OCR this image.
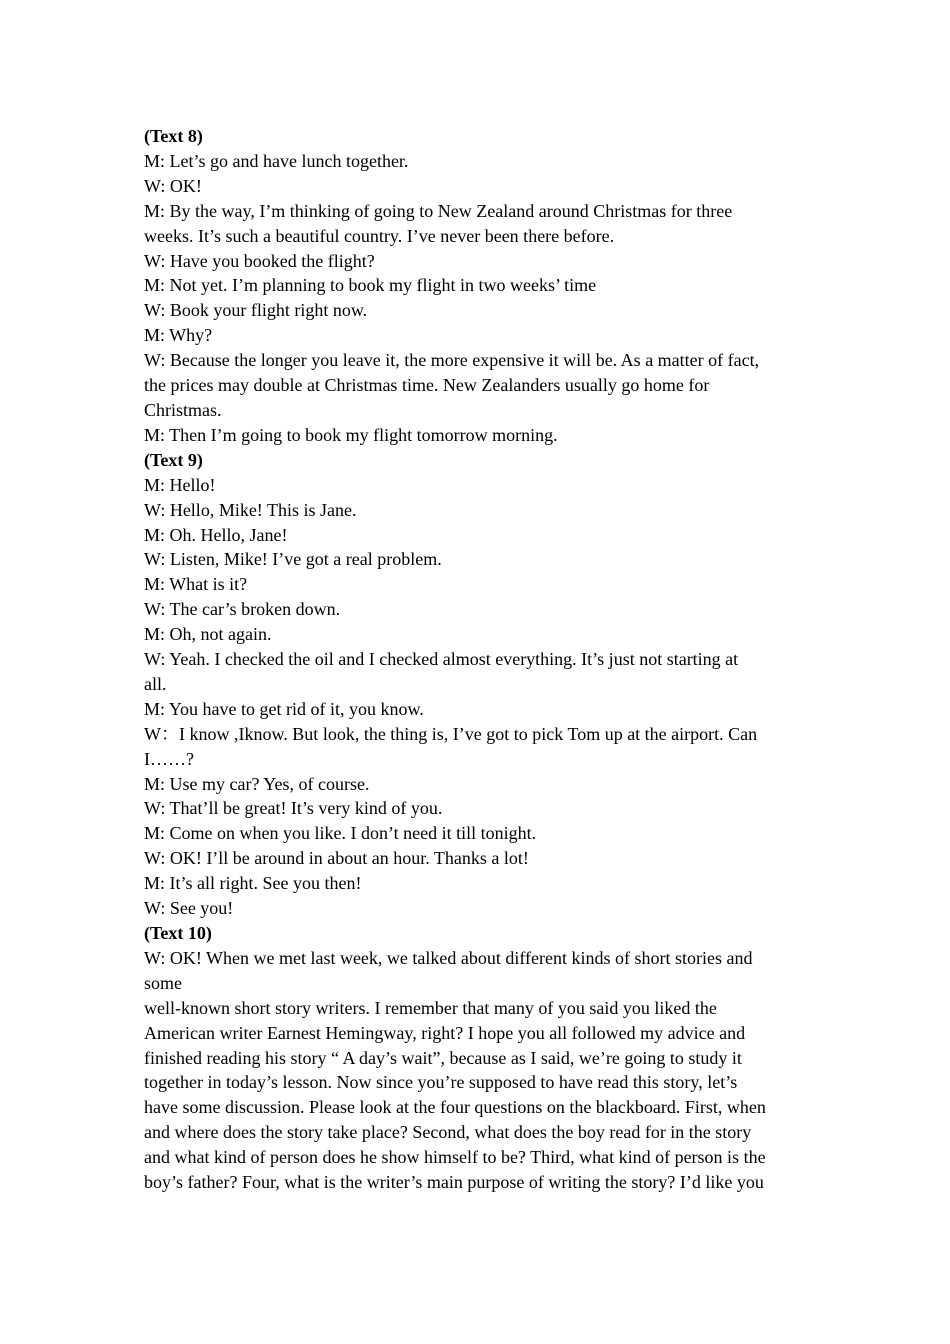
(Text 8)
M: Let’s go and have lunch together.
W: OK!
M: By the way, I’m thinking of going to New Zealand around Christmas for three
weeks. It’s such a beautiful country. I’ve never been there before.
W: Have you booked the flight?
M: Not yet. I’m planning to book my flight in two weeks’ time
W: Book your flight right now.
M: Why?
W: Because the longer you leave it, the more expensive it will be. As a matter of fact,
the prices may double at Christmas time. New Zealanders usually go home for
Christmas.
M: Then I’m going to book my flight tomorrow morning.
(Text 9)
M: Hello!
W: Hello, Mike! This is Jane.
M: Oh. Hello, Jane!
W: Listen, Mike! I’ve got a real problem.
M: What is it?
W: The car’s broken down.
M: Oh, not again.
W: Yeah. I checked the oil and I checked almost everything. It’s just not starting at
all.
M: You have to get rid of it, you know.
W：I know ,Iknow. But look, the thing is, I’ve got to pick Tom up at the airport. Can
I……?
M: Use my car? Yes, of course.
W: That’ll be great! It’s very kind of you.
M: Come on when you like. I don’t need it till tonight.
W: OK! I’ll be around in about an hour. Thanks a lot!
M: It’s all right. See you then!
W: See you!
(Text 10)
W: OK! When we met last week, we talked about different kinds of short stories and
some
well-known short story writers. I remember that many of you said you liked the
American writer Earnest Hemingway, right? I hope you all followed my advice and
finished reading his story “ A day’s wait”, because as I said, we’re going to study it
together in today’s lesson. Now since you’re supposed to have read this story, let’s
have some discussion. Please look at the four questions on the blackboard. First, when
and where does the story take place? Second, what does the boy read for in the story
and what kind of person does he show himself to be? Third, what kind of person is the
boy’s father? Four, what is the writer’s main purpose of writing the story? I’d like you
